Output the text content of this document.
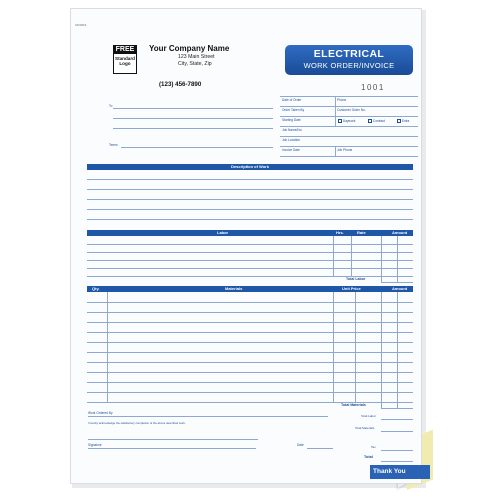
CDS519
FREE
Standard
Logo
Your Company Name
123 Main Street
City, State, Zip
(123) 456-7890
ELECTRICAL
WORK ORDER/INVOICE
1001
To
Terms
Date of Order	Phone
Order Taken By	Customer Order No.
Starting Date	Daywork	Contract	Extra
Job Name/No.
Job Location
Invoice Date	Job Phone
Description of Work
Labor	Hrs.	Rate	Amount
Total Labor
Qty.	Materials	Unit Price	Amount
Total Materials
Work Ordered By
I hereby acknowledge the satisfactory completion of the above described work.
Signature	Date
Total Labor
Total Materials
Tax
Total
Thank You
